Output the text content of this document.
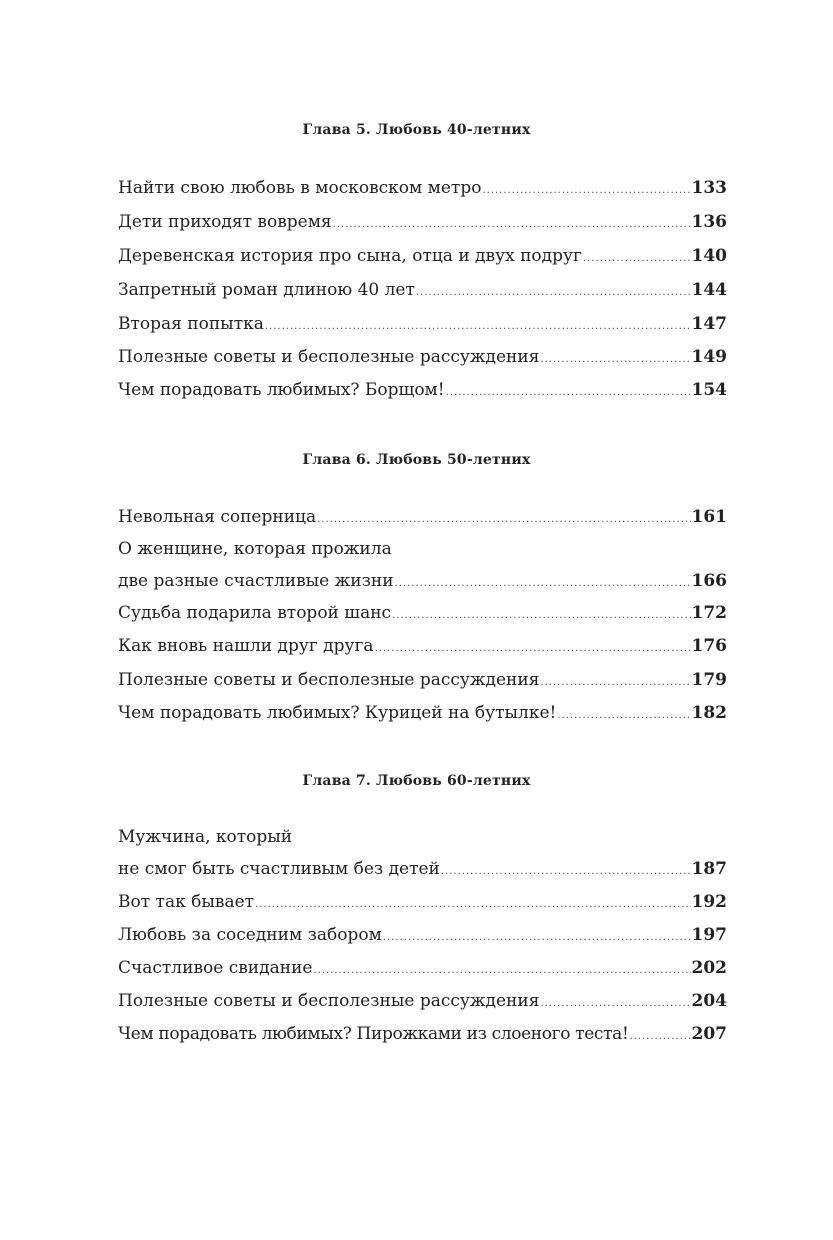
Глава 5. Любовь 40-летних
Найти свою любовь в московском метро .....	133
Дети приходят вовремя .....	136
Деревенская история про сына, отца и двух подруг .....	140
Запретный роман длиною 40 лет .....	144
Вторая попытка .....	147
Полезные советы и бесполезные рассуждения .....	149
Чем порадовать любимых? Борщом! .....	154
Глава 6. Любовь 50-летних
Невольная соперница .....	161
О женщине, которая прожила
две разные счастливые жизни .....	166
Судьба подарила второй шанс .....	172
Как вновь нашли друг друга .....	176
Полезные советы и бесполезные рассуждения .....	179
Чем порадовать любимых? Курицей на бутылке! .....	182
Глава 7. Любовь 60-летних
Мужчина, который
не смог быть счастливым без детей .....	187
Вот так бывает .....	192
Любовь за соседним забором .....	197
Счастливое свидание .....	202
Полезные советы и бесполезные рассуждения .....	204
Чем порадовать любимых? Пирожками из слоеного теста! .....	207
